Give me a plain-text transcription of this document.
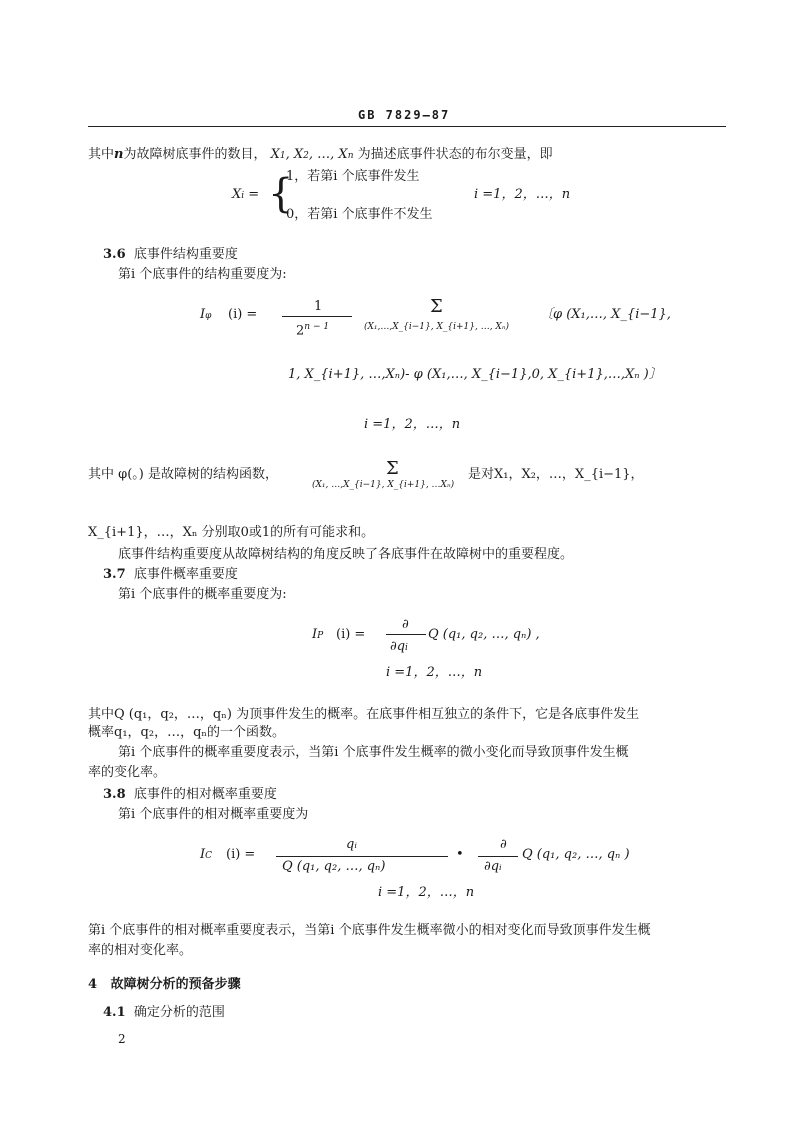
GB 7829—87
其中n为故障树底事件的数目， X1, X2, …, Xn 为描述底事件状态的布尔变量，即
Xi = {
1，若第i 个底事件发生
0，若第i 个底事件不发生
i =1，2，…，n
3.6 底事件结构重要度
第i 个底事件的结构重要度为:
Iφ (i) =
1
$2^{n - 1}$
Σ
(X₁,…,X_{i−1}, X_{i+1}, …, Xₙ)
〔φ (X₁,…, X_{i−1},
1, X_{i+1}, …,Xₙ)- φ (X₁,…, X_{i−1},0, X_{i+1},…,Xₙ )〕
i =1，2，…，n
其中 φ(。) 是故障树的结构函数，	Σ
(X₁, …,X_{i−1}, X_{i+1}, …Xₙ)
是对X₁，X₂，…，X_{i−1}，
X_{i+1}，…，Xₙ 分别取0或1的所有可能求和。
底事件结构重要度从故障树结构的角度反映了各底事件在故障树中的重要程度。
3.7 底事件概率重要度
第i 个底事件的概率重要度为:
IP (i) =
∂
∂qi
Q (q₁, q₂, …, qₙ) ,
i =1，2，…，n
其中Q (q₁，q₂，…，qₙ) 为顶事件发生的概率。在底事件相互独立的条件下，它是各底事件发生
概率q₁，q₂，…，qₙ的一个函数。
第i 个底事件的概率重要度表示，当第i 个底事件发生概率的微小变化而导致顶事件发生概
率的变化率。
3.8 底事件的相对概率重要度
第i 个底事件的相对概率重要度为
IC (i) =
qᵢ
Q (q₁, q₂, …, qₙ)
•
∂
∂qᵢ
Q (q₁, q₂, …, qₙ )
i =1，2，…，n
第i 个底事件的相对概率重要度表示，当第i 个底事件发生概率微小的相对变化而导致顶事件发生概
率的相对变化率。
4 故障树分析的预备步骤
4.1 确定分析的范围
2
